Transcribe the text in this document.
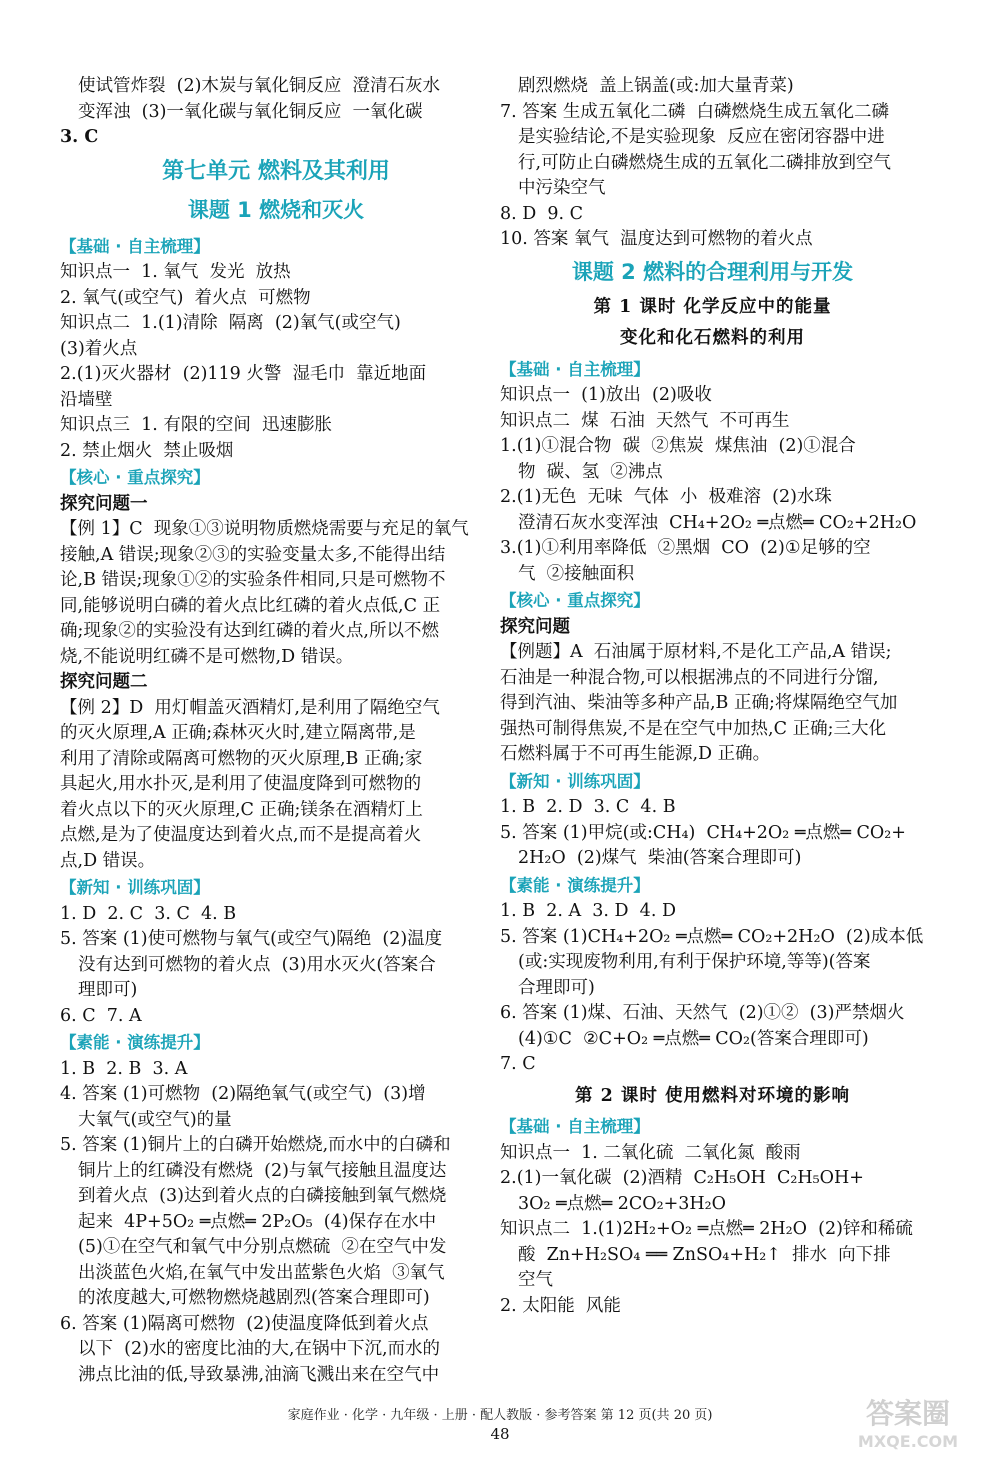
使试管炸裂  (2)木炭与氧化铜反应  澄清石灰水
变浑浊  (3)一氧化碳与氧化铜反应  一氧化碳
3. C
第七单元 燃料及其利用
课题 1 燃烧和灭火
【基础 · 自主梳理】
知识点一  1. 氧气  发光  放热
2. 氧气(或空气)  着火点  可燃物
知识点二  1.(1)清除  隔离  (2)氧气(或空气)
(3)着火点
2.(1)灭火器材  (2)119 火警  湿毛巾  靠近地面
沿墙壁
知识点三  1. 有限的空间  迅速膨胀
2. 禁止烟火  禁止吸烟
【核心 · 重点探究】
探究问题一
【例 1】C  现象①③说明物质燃烧需要与充足的氧气
接触,A 错误;现象②③的实验变量太多,不能得出结
论,B 错误;现象①②的实验条件相同,只是可燃物不
同,能够说明白磷的着火点比红磷的着火点低,C 正
确;现象②的实验没有达到红磷的着火点,所以不燃
烧,不能说明红磷不是可燃物,D 错误。
探究问题二
【例 2】D  用灯帽盖灭酒精灯,是利用了隔绝空气
的灭火原理,A 正确;森林灭火时,建立隔离带,是
利用了清除或隔离可燃物的灭火原理,B 正确;家
具起火,用水扑灭,是利用了使温度降到可燃物的
着火点以下的灭火原理,C 正确;镁条在酒精灯上
点燃,是为了使温度达到着火点,而不是提高着火
点,D 错误。
【新知 · 训练巩固】
1. D  2. C  3. C  4. B
5. 答案 (1)使可燃物与氧气(或空气)隔绝  (2)温度
没有达到可燃物的着火点  (3)用水灭火(答案合
理即可)
6. C  7. A
【素能 · 演练提升】
1. B  2. B  3. A
4. 答案 (1)可燃物  (2)隔绝氧气(或空气)  (3)增
大氧气(或空气)的量
5. 答案 (1)铜片上的白磷开始燃烧,而水中的白磷和
铜片上的红磷没有燃烧  (2)与氧气接触且温度达
到着火点  (3)达到着火点的白磷接触到氧气燃烧
起来  4P+5O₂ ═点燃═ 2P₂O₅  (4)保存在水中
(5)①在空气和氧气中分别点燃硫  ②在空气中发
出淡蓝色火焰,在氧气中发出蓝紫色火焰  ③氧气
的浓度越大,可燃物燃烧越剧烈(答案合理即可)
6. 答案 (1)隔离可燃物  (2)使温度降低到着火点
以下  (2)水的密度比油的大,在锅中下沉,而水的
沸点比油的低,导致暴沸,油滴飞溅出来在空气中
剧烈燃烧  盖上锅盖(或:加大量青菜)
7. 答案 生成五氧化二磷  白磷燃烧生成五氧化二磷
是实验结论,不是实验现象  反应在密闭容器中进
行,可防止白磷燃烧生成的五氧化二磷排放到空气
中污染空气
8. D  9. C
10. 答案 氧气  温度达到可燃物的着火点
课题 2 燃料的合理利用与开发
第 1 课时 化学反应中的能量
变化和化石燃料的利用
【基础 · 自主梳理】
知识点一  (1)放出  (2)吸收
知识点二  煤  石油  天然气  不可再生
1.(1)①混合物  碳  ②焦炭  煤焦油  (2)①混合
物  碳、氢  ②沸点
2.(1)无色  无味  气体  小  极难溶  (2)水珠
澄清石灰水变浑浊  CH₄+2O₂ ═点燃═ CO₂+2H₂O
3.(1)①利用率降低  ②黑烟  CO  (2)①足够的空
气  ②接触面积
【核心 · 重点探究】
探究问题
【例题】A  石油属于原材料,不是化工产品,A 错误;
石油是一种混合物,可以根据沸点的不同进行分馏,
得到汽油、柴油等多种产品,B 正确;将煤隔绝空气加
强热可制得焦炭,不是在空气中加热,C 正确;三大化
石燃料属于不可再生能源,D 正确。
【新知 · 训练巩固】
1. B  2. D  3. C  4. B
5. 答案 (1)甲烷(或:CH₄)  CH₄+2O₂ ═点燃═ CO₂+
2H₂O  (2)煤气  柴油(答案合理即可)
【素能 · 演练提升】
1. B  2. A  3. D  4. D
5. 答案 (1)CH₄+2O₂ ═点燃═ CO₂+2H₂O  (2)成本低
(或:实现废物利用,有利于保护环境,等等)(答案
合理即可)
6. 答案 (1)煤、石油、天然气  (2)①②  (3)严禁烟火
(4)①C  ②C+O₂ ═点燃═ CO₂(答案合理即可)
7. C
第 2 课时 使用燃料对环境的影响
【基础 · 自主梳理】
知识点一  1. 二氧化硫  二氧化氮  酸雨
2.(1)一氧化碳  (2)酒精  C₂H₅OH  C₂H₅OH+
3O₂ ═点燃═ 2CO₂+3H₂O
知识点二  1.(1)2H₂+O₂ ═点燃═ 2H₂O  (2)锌和稀硫
酸  Zn+H₂SO₄ ══ ZnSO₄+H₂↑  排水  向下排
空气
2. 太阳能  风能
家庭作业 · 化学 · 九年级 · 上册 · 配人教版 · 参考答案 第 12 页(共 20 页)
48
答案圈
MXQE.COM
